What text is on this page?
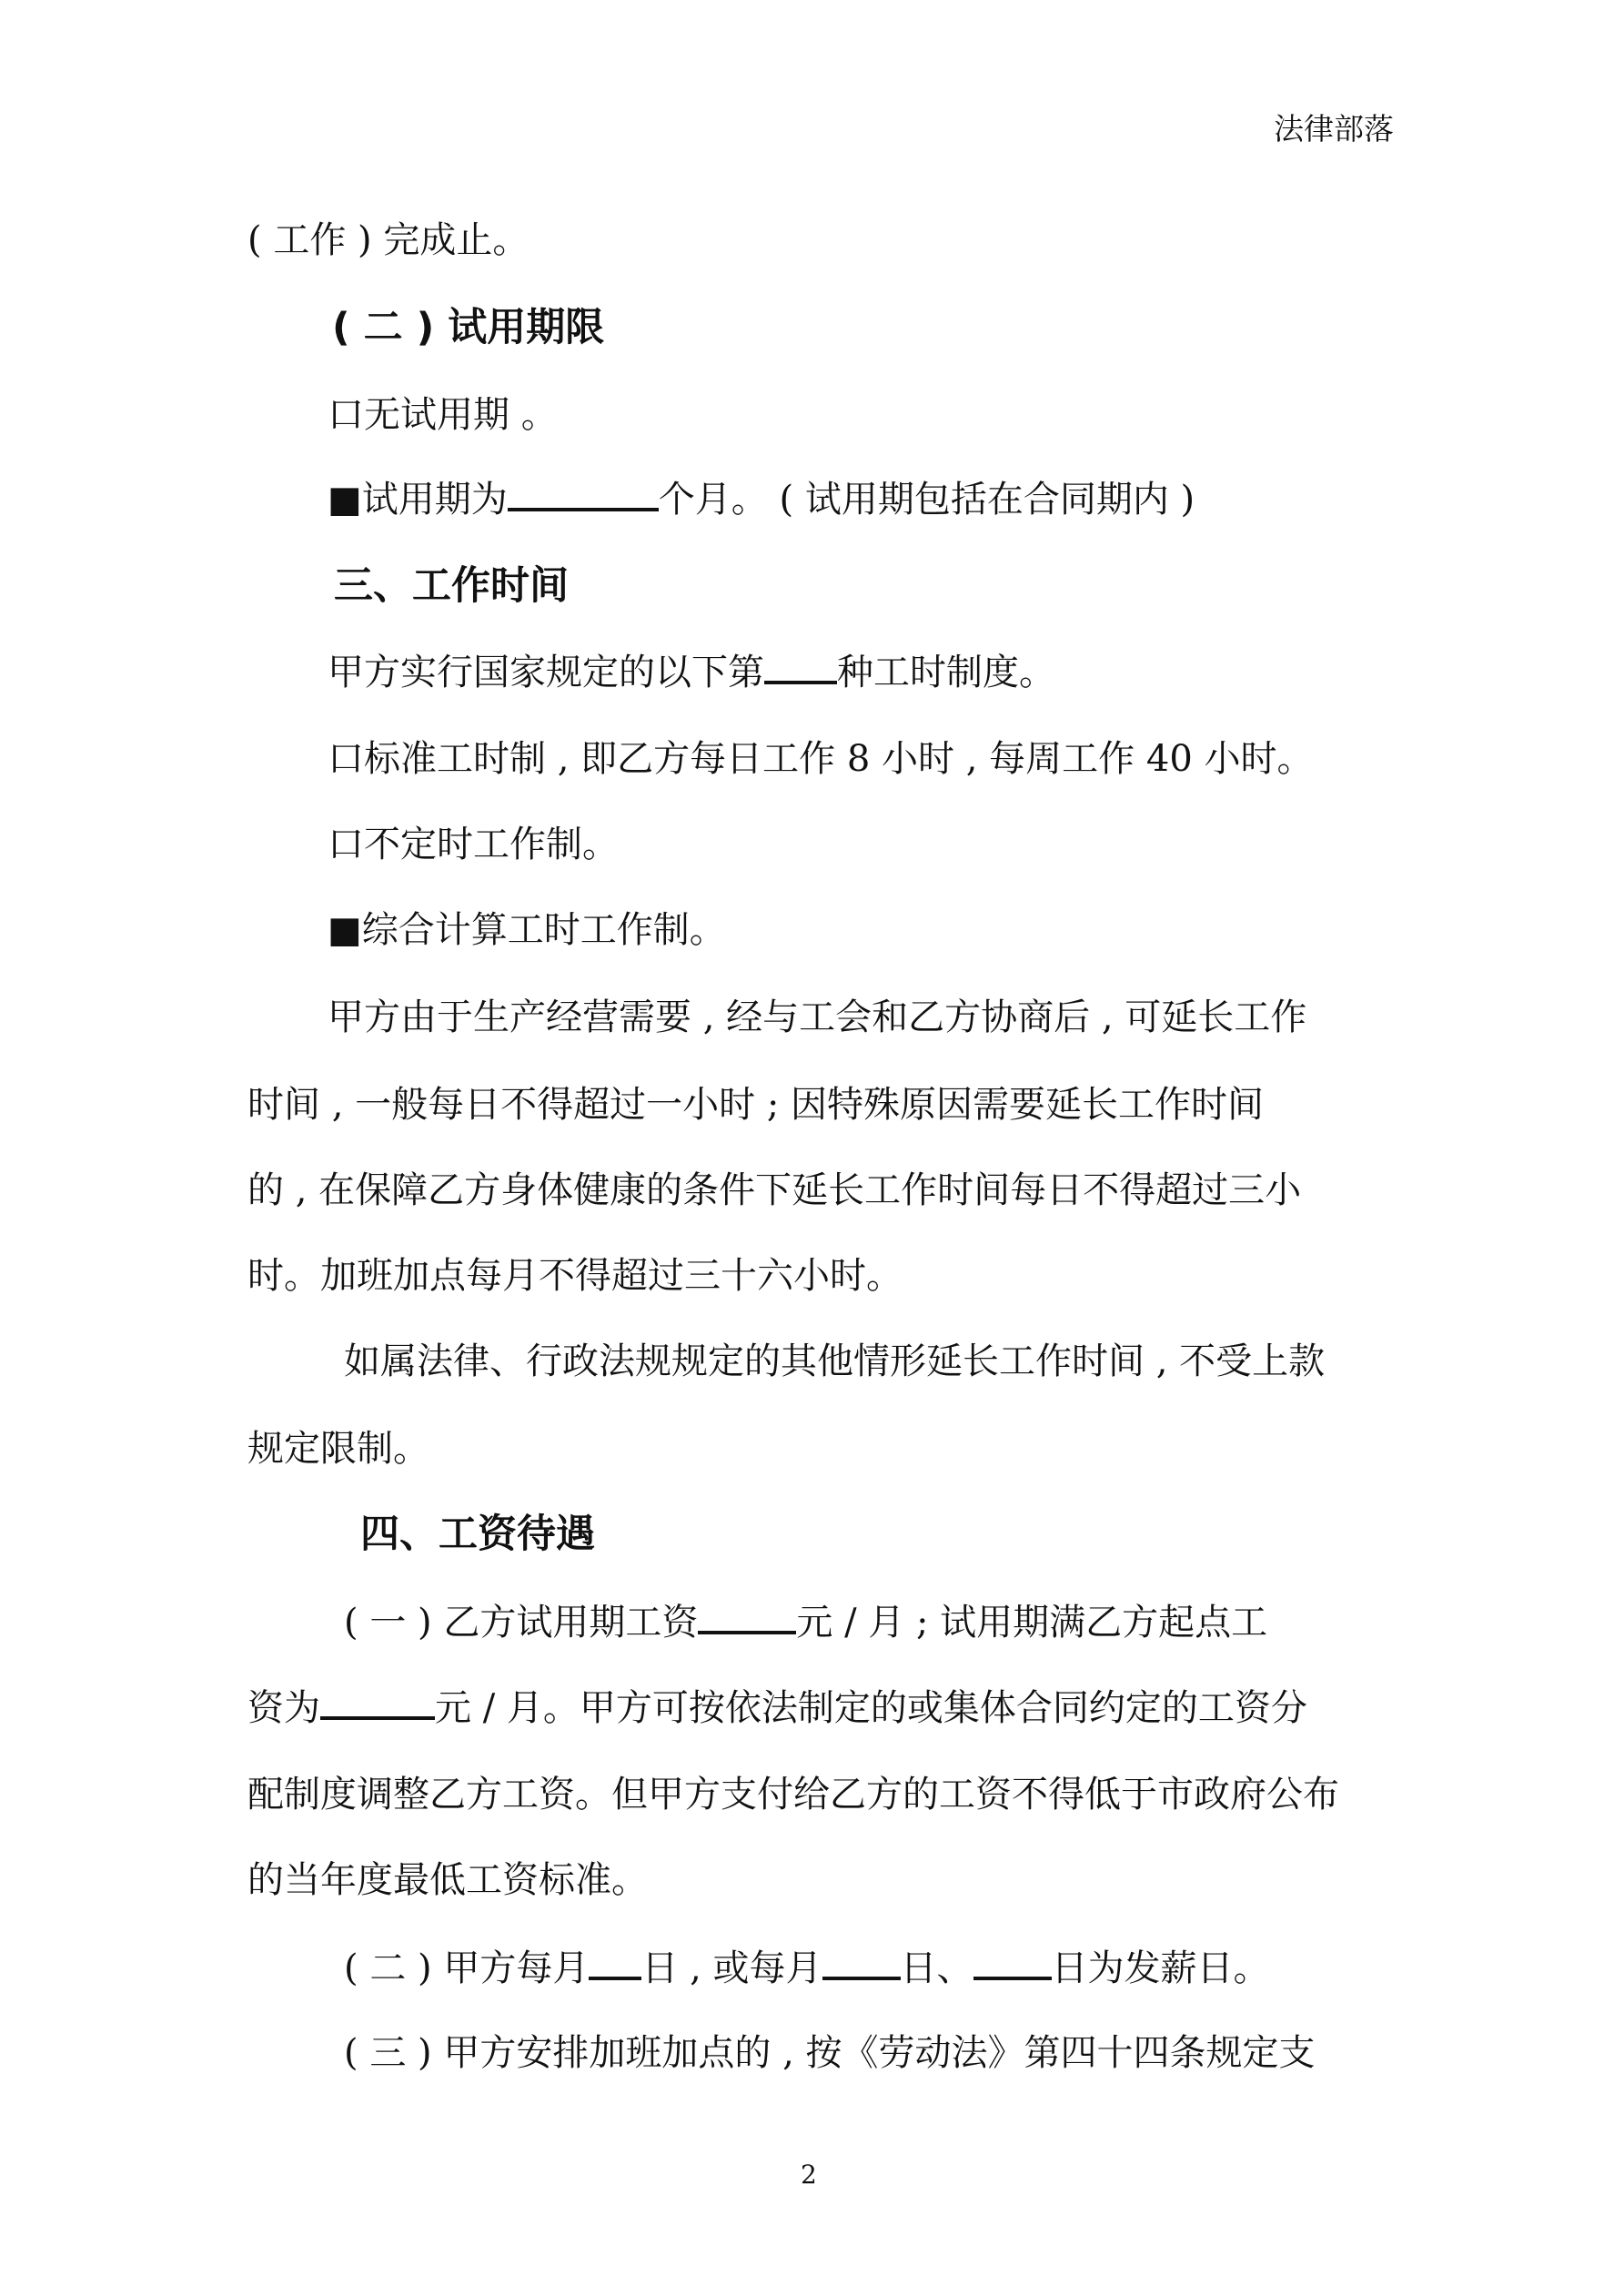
法律部落
( 工作 ) 完成止。
( 二 ) 试用期限
口无试用期 。
■试用期为	个月。 ( 试用期包括在合同期内 )
三、工作时间
甲方实行国家规定的以下第 种工时制度。
口标准工时制 , 即乙方每日工作 8 小时 , 每周工作 40 小时。
口不定时工作制。
■综合计算工时工作制。
甲方由于生产经营需要 , 经与工会和乙方协商后 , 可延长工作
时间 , 一般每日不得超过一小时 ; 因特殊原因需要延长工作时间
的 , 在保障乙方身体健康的条件下延长工作时间每日不得超过三小
时。加班加点每月不得超过三十六小时。
如属法律、行政法规规定的其他情形延长工作时间 , 不受上款
规定限制。
四、工资待遇
( 一 ) 乙方试用期工资	元 / 月 ; 试用期满乙方起点工
资为	元 / 月。甲方可按依法制定的或集体合同约定的工资分
配制度调整乙方工资。但甲方支付给乙方的工资不得低于市政府公布
的当年度最低工资标准。
( 二 ) 甲方每月 日 , 或每月 日、 日为发薪日。
( 三 ) 甲方安排加班加点的 , 按《劳动法》第四十四条规定支
2
